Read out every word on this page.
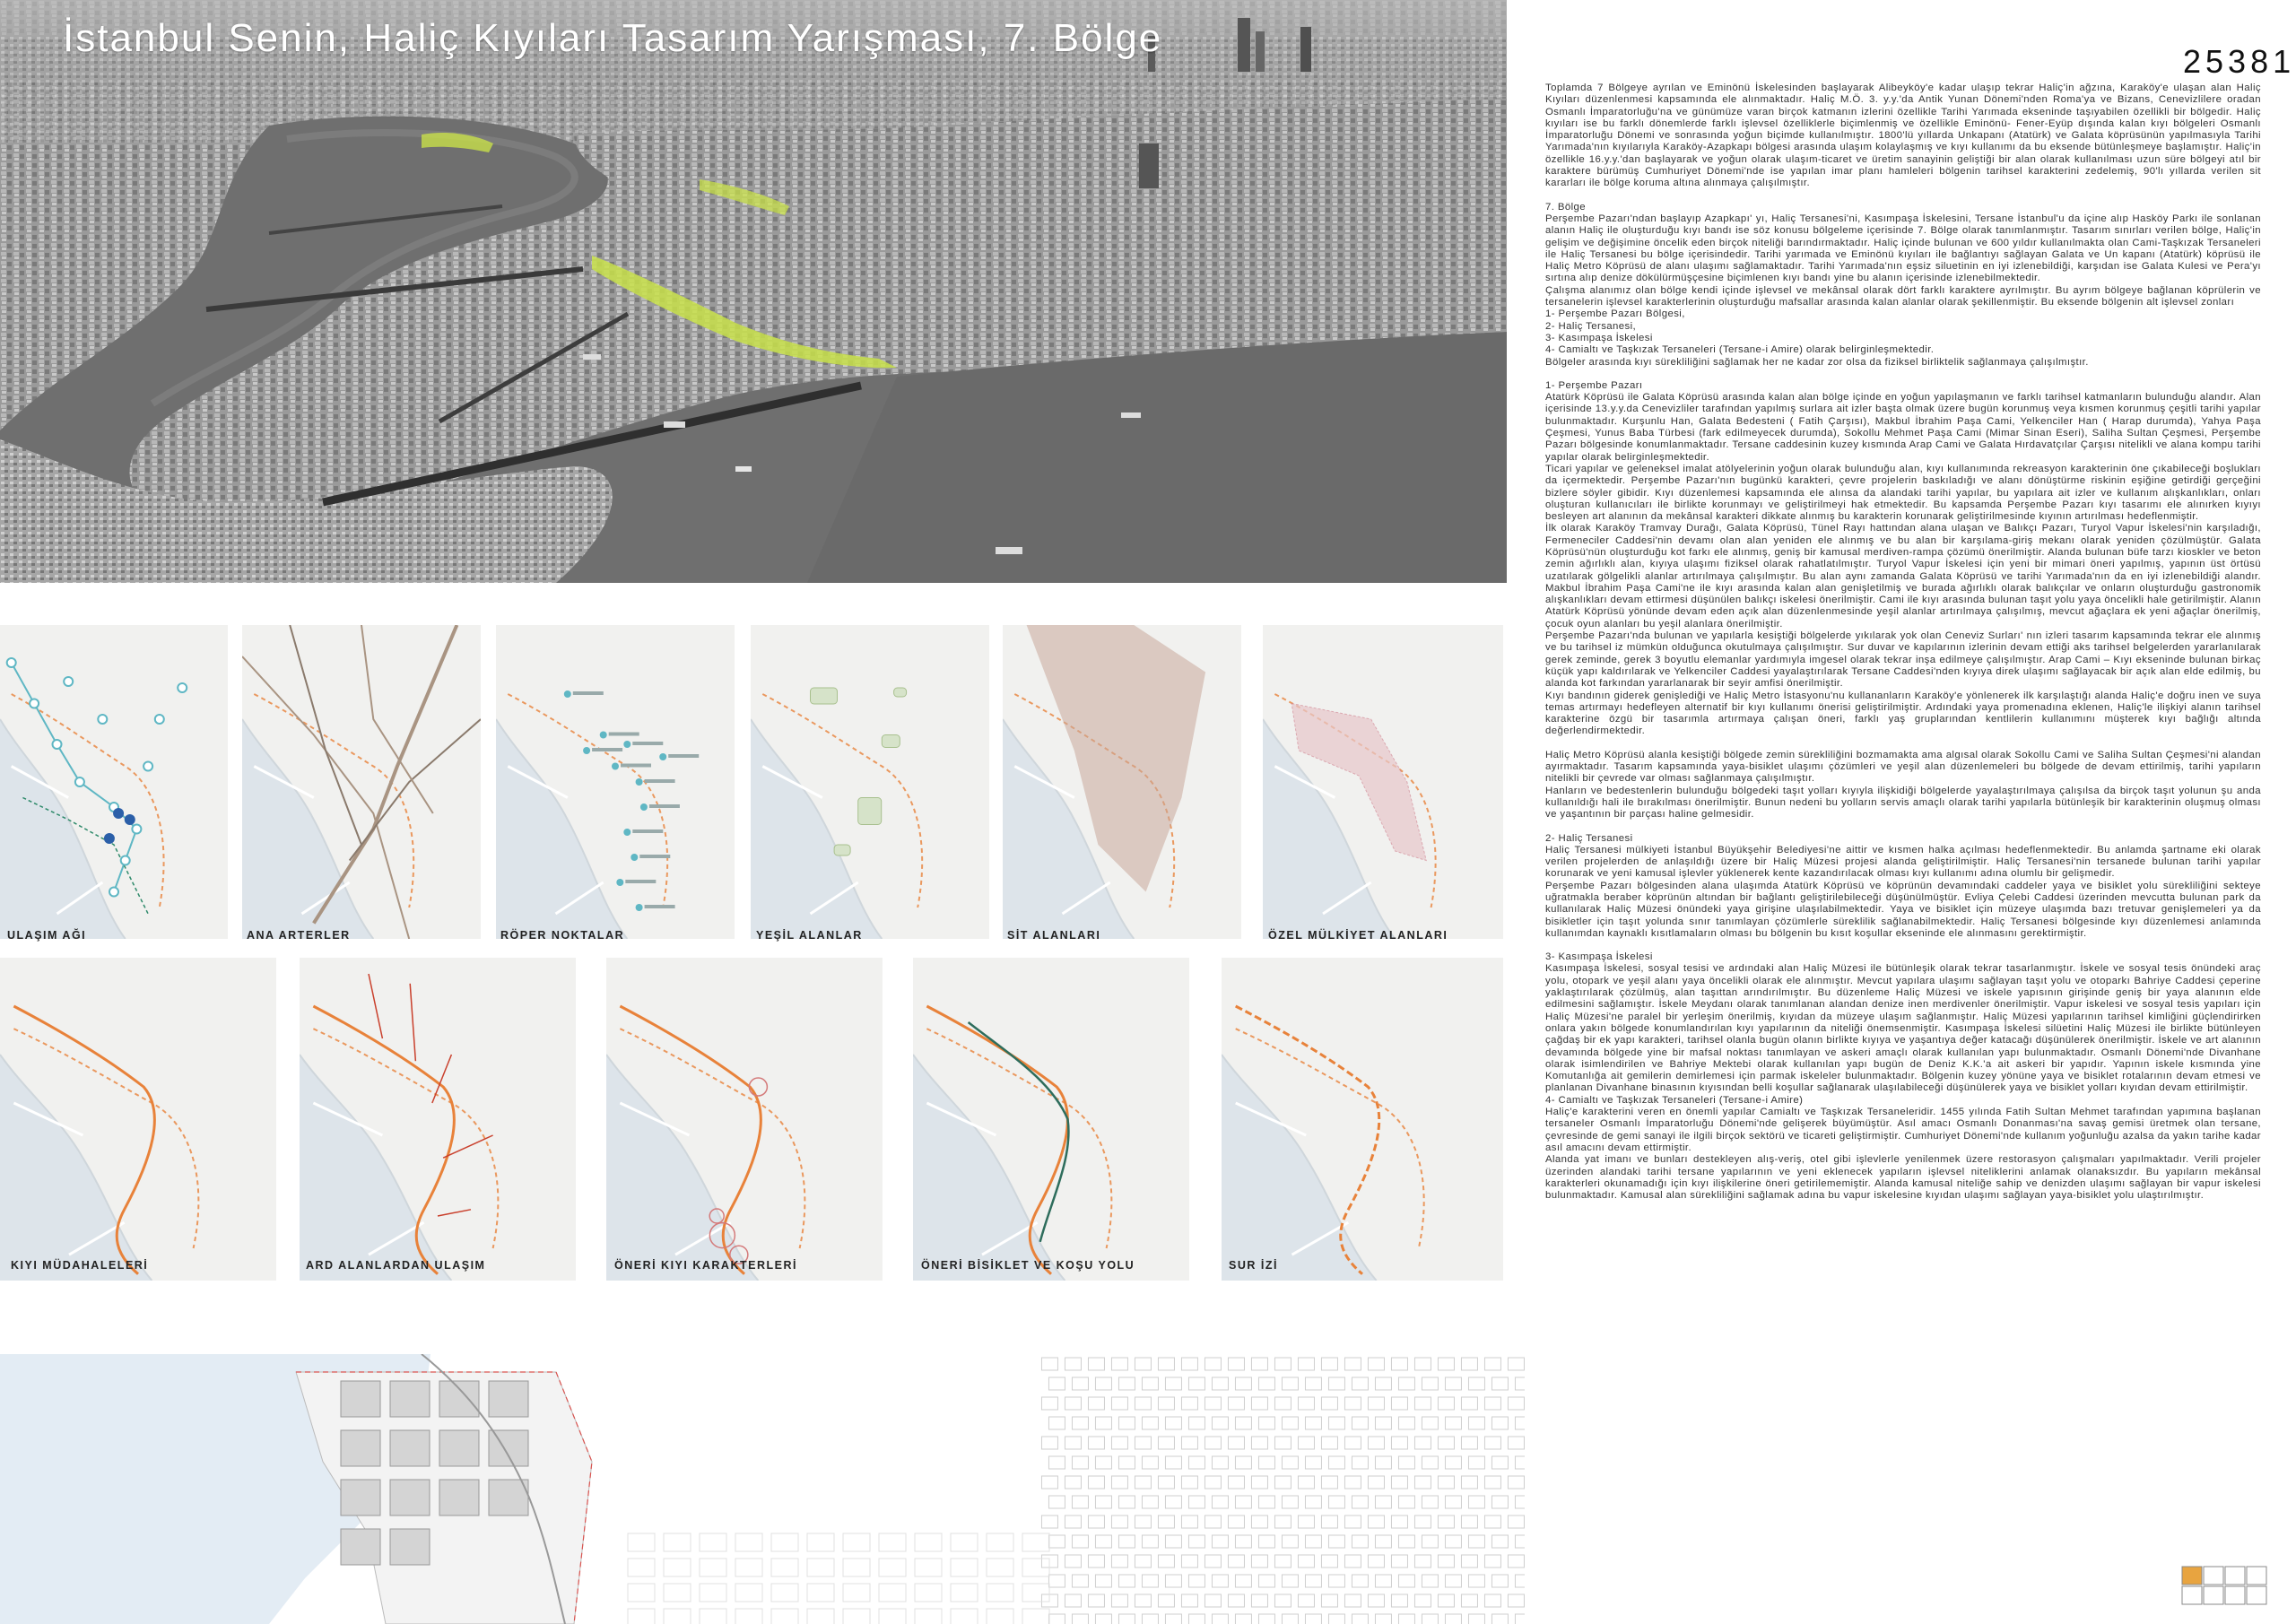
İstanbul Senin, Haliç Kıyıları Tasarım Yarışması, 7. Bölge
25381
ULAŞIM AĞI	ANA ARTERLER	RÖPER NOKTALAR	YEŞİL ALANLAR	SİT ALANLARI	ÖZEL MÜLKİYET ALANLARI
KIYI MÜDAHALELERİ	ARD ALANLARDAN ULAŞIM	ÖNERİ KIYI KARAKTERLERİ	ÖNERİ BİSİKLET VE KOŞU YOLU	SUR İZİ

Toplamda 7 Bölgeye ayrılan ve Eminönü İskelesinden başlayarak Alibeyköy'e kadar ulaşıp tekrar Haliç'in ağzına, Karaköy'e ulaşan alan Haliç Kıyıları düzenlenmesi kapsamında ele alınmaktadır. Haliç M.Ö. 3. y.y.'da Antik Yunan Dönemi'nden Roma'ya ve Bizans, Cenevizlilere oradan Osmanlı İmparatorluğu'na ve günümüze varan birçok katmanın izlerini özellikle Tarihi Yarımada ekseninde taşıyabilen özellikli bir bölgedir. Haliç kıyıları ise bu farklı dönemlerde farklı işlevsel özelliklerle biçimlenmiş ve özellikle Eminönü- Fener-Eyüp dışında kalan kıyı bölgeleri Osmanlı İmparatorluğu Dönemi ve sonrasında yoğun biçimde kullanılmıştır. 1800'lü yıllarda Unkapanı (Atatürk) ve Galata köprüsünün yapılmasıyla Tarihi Yarımada'nın kıyılarıyla Karaköy-Azapkapı bölgesi arasında ulaşım kolaylaşmış ve kıyı kullanımı da bu eksende bütünleşmeye başlamıştır. Haliç'in özellikle 16.y.y.'dan başlayarak ve yoğun olarak ulaşım-ticaret ve üretim sanayinin geliştiği bir alan olarak kullanılması uzun süre bölgeyi atıl bir karaktere bürümüş Cumhuriyet Dönemi'nde ise yapılan imar planı hamleleri bölgenin tarihsel karakterini zedelemiş, 90'lı yıllarda verilen sit kararları ile bölge koruma altına alınmaya çalışılmıştır.

7. Bölge

Perşembe Pazarı'ndan başlayıp Azapkapı' yı, Haliç Tersanesi'ni, Kasımpaşa İskelesini, Tersane İstanbul'u da içine alıp Hasköy Parkı ile sonlanan alanın Haliç ile oluşturduğu kıyı bandı ise söz konusu bölgeleme içerisinde 7. Bölge olarak tanımlanmıştır. Tasarım sınırları verilen bölge, Haliç'in gelişim ve değişimine öncelik eden birçok niteliği barındırmaktadır. Haliç içinde bulunan ve 600 yıldır kullanılmakta olan Cami-Taşkızak Tersaneleri ile Haliç Tersanesi bu bölge içerisindedir. Tarihi yarımada ve Eminönü kıyıları ile bağlantıyı sağlayan Galata ve Un kapanı (Atatürk) köprüsü ile Haliç Metro Köprüsü de alanı ulaşımı sağlamaktadır. Tarihi Yarımada'nın eşsiz siluetinin en iyi izlenebildiği, karşıdan ise Galata Kulesi ve Pera'yı sırtına alıp denize dökülürmüşçesine biçimlenen kıyı bandı yine bu alanın içerisinde izlenebilmektedir.

Çalışma alanımız olan bölge kendi içinde işlevsel ve mekânsal olarak dört farklı karaktere ayrılmıştır. Bu ayrım bölgeye bağlanan köprülerin ve tersanelerin işlevsel karakterlerinin oluşturduğu mafsallar arasında kalan alanlar olarak şekillenmiştir. Bu eksende bölgenin alt işlevsel zonları

1- Perşembe Pazarı Bölgesi,
2- Haliç Tersanesi,
3- Kasımpaşa İskelesi
4- Camialtı ve Taşkızak Tersaneleri (Tersane-i Amire) olarak belirginleşmektedir.

Bölgeler arasında kıyı sürekliliğini sağlamak her ne kadar zor olsa da fiziksel birliktelik sağlanmaya çalışılmıştır.

1- Perşembe Pazarı

Atatürk Köprüsü ile Galata Köprüsü arasında kalan alan bölge içinde en yoğun yapılaşmanın ve farklı tarihsel katmanların bulunduğu alandır. Alan içerisinde 13.y.y.da Cenevizliler tarafından yapılmış surlara ait izler başta olmak üzere bugün korunmuş veya kısmen korunmuş çeşitli tarihi yapılar bulunmaktadır. Kurşunlu Han, Galata Bedesteni ( Fatih Çarşısı), Makbul İbrahim Paşa Cami, Yelkenciler Han ( Harap durumda), Yahya Paşa Çeşmesi, Yunus Baba Türbesi (fark edilmeyecek durumda), Sokollu Mehmet Paşa Cami (Mimar Sinan Eseri), Saliha Sultan Çeşmesi, Perşembe Pazarı bölgesinde konumlanmaktadır. Tersane caddesinin kuzey kısmında Arap Cami ve Galata Hırdavatçılar Çarşısı nitelikli ve alana kompu tarihi yapılar olarak belirginleşmektedir.

Ticari yapılar ve geleneksel imalat atölyelerinin yoğun olarak bulunduğu alan, kıyı kullanımında rekreasyon karakterinin öne çıkabileceği boşlukları da içermektedir. Perşembe Pazarı'nın bugünkü karakteri, çevre projelerin baskıladığı ve alanı dönüştürme riskinin eşiğine getirdiği gerçeğini bizlere söyler gibidir. Kıyı düzenlemesi kapsamında ele alınsa da alandaki tarihi yapılar, bu yapılara ait izler ve kullanım alışkanlıkları, onları oluşturan kullanıcıları ile birlikte korunmayı ve geliştirilmeyi hak etmektedir. Bu kapsamda Perşembe Pazarı kıyı tasarımı ele alınırken kıyıyı besleyen art alanının da mekânsal karakteri dikkate alınmış bu karakterin korunarak geliştirilmesinde kıyının artırılması hedeflenmiştir.

İlk olarak Karaköy Tramvay Durağı, Galata Köprüsü, Tünel Rayı hattından alana ulaşan ve Balıkçı Pazarı, Turyol Vapur İskelesi'nin karşıladığı, Fermeneciler Caddesi'nin devamı olan alan yeniden ele alınmış ve bu alan bir karşılama-giriş mekanı olarak yeniden çözülmüştür. Galata Köprüsü'nün oluşturduğu kot farkı ele alınmış, geniş bir kamusal merdiven-rampa çözümü önerilmiştir. Alanda bulunan büfe tarzı kioskler ve beton zemin ağırlıklı alan, kıyıya ulaşımı fiziksel olarak rahatlatılmıştır. Turyol Vapur İskelesi için yeni bir mimari öneri yapılmış, yapının üst örtüsü uzatılarak gölgelikli alanlar artırılmaya çalışılmıştır. Bu alan aynı zamanda Galata Köprüsü ve tarihi Yarımada'nın da en iyi izlenebildiği alandır. Makbul İbrahim Paşa Cami'ne ile kıyı arasında kalan alan genişletilmiş ve burada ağırlıklı olarak balıkçılar ve onların oluşturduğu gastronomik alışkanlıkları devam ettirmesi düşünülen balıkçı iskelesi önerilmiştir. Cami ile kıyı arasında bulunan taşıt yolu yaya öncelikli hale getirilmiştir. Alanın Atatürk Köprüsü yönünde devam eden açık alan düzenlenmesinde yeşil alanlar artırılmaya çalışılmış, mevcut ağaçlara ek yeni ağaçlar önerilmiş, çocuk oyun alanları bu yeşil alanlara önerilmiştir.

Perşembe Pazarı'nda bulunan ve yapılarla kesiştiği bölgelerde yıkılarak yok olan Ceneviz Surları' nın izleri tasarım kapsamında tekrar ele alınmış ve bu tarihsel iz mümkün olduğunca okutulmaya çalışılmıştır. Sur duvar ve kapılarının izlerinin devam ettiği aks tarihsel belgelerden yararlanılarak gerek zeminde, gerek 3 boyutlu elemanlar yardımıyla imgesel olarak tekrar inşa edilmeye çalışılmıştır. Arap Cami – Kıyı ekseninde bulunan birkaç küçük yapı kaldırılarak ve Yelkenciler Caddesi yayalaştırılarak Tersane Caddesi'nden kıyıya direk ulaşımı sağlayacak bir açık alan elde edilmiş, bu alanda kot farkından yararlanarak bir seyir amfisi önerilmiştir.

Kıyı bandının giderek genişlediği ve Haliç Metro İstasyonu'nu kullananların Karaköy'e yönlenerek ilk karşılaştığı alanda Haliç'e doğru inen ve suya temas artırmayı hedefleyen alternatif bir kıyı kullanımı önerisi geliştirilmiştir. Ardındaki yaya promenadına eklenen, Haliç'le ilişkiyi alanın tarihsel karakterine özgü bir tasarımla artırmaya çalışan öneri, farklı yaş gruplarından kentlilerin kullanımını müşterek kıyı bağlığı altında değerlendirmektedir.

Haliç Metro Köprüsü alanla kesiştiği bölgede zemin sürekliliğini bozmamakta ama algısal olarak Sokollu Cami ve Saliha Sultan Çeşmesi'ni alandan ayırmaktadır. Tasarım kapsamında yaya-bisiklet ulaşımı çözümleri ve yeşil alan düzenlemeleri bu bölgede de devam ettirilmiş, tarihi yapıların nitelikli bir çevrede var olması sağlanmaya çalışılmıştır.

Hanların ve bedestenlerin bulunduğu bölgedeki taşıt yolları kıyıyla ilişkidiği bölgelerde yayalaştırılmaya çalışılsa da birçok taşıt yolunun şu anda kullanıldığı hali ile bırakılması önerilmiştir. Bunun nedeni bu yolların servis amaçlı olarak tarihi yapılarla bütünleşik bir karakterinin oluşmuş olması ve yaşantının bir parçası haline gelmesidir.

2- Haliç Tersanesi

Haliç Tersanesi mülkiyeti İstanbul Büyükşehir Belediyesi'ne aittir ve kısmen halka açılması hedeflenmektedir. Bu anlamda şartname eki olarak verilen projelerden de anlaşıldığı üzere bir Haliç Müzesi projesi alanda geliştirilmiştir. Haliç Tersanesi'nin tersanede bulunan tarihi yapılar korunarak ve yeni kamusal işlevler yüklenerek kente kazandırılacak olması kıyı kullanımı adına olumlu bir gelişmedir.

Perşembe Pazarı bölgesinden alana ulaşımda Atatürk Köprüsü ve köprünün devamındaki caddeler yaya ve bisiklet yolu sürekliliğini sekteye uğratmakla beraber köprünün altından bir bağlantı geliştirilebileceği düşünülmüştür. Evliya Çelebi Caddesi üzerinden mevcutta bulunan park da kullanılarak Haliç Müzesi önündeki yaya girişine ulaşılabilmektedir. Yaya ve bisiklet için müzeye ulaşımda bazı tretuvar genişlemeleri ya da bisikletler için taşıt yolunda sınır tanımlayan çözümlerle süreklilik sağlanabilmektedir. Haliç Tersanesi bölgesinde kıyı düzenlemesi anlamında kullanımdan kaynaklı kısıtlamaların olması bu bölgenin bu kısıt koşullar ekseninde ele alınmasını gerektirmiştir.

3- Kasımpaşa İskelesi

Kasımpaşa İskelesi, sosyal tesisi ve ardındaki alan Haliç Müzesi ile bütünleşik olarak tekrar tasarlanmıştır. İskele ve sosyal tesis önündeki araç yolu, otopark ve yeşil alanı yaya öncelikli olarak ele alınmıştır. Mevcut yapılara ulaşımı sağlayan taşıt yolu ve otoparkı Bahriye Caddesi çeperine yaklaştırılarak çözülmüş, alan taşıttan arındırılmıştır. Bu düzenleme Haliç Müzesi ve iskele yapısının girişinde geniş bir yaya alanının elde edilmesini sağlamıştır. İskele Meydanı olarak tanımlanan alandan denize inen merdivenler önerilmiştir. Vapur iskelesi ve sosyal tesis yapıları için Haliç Müzesi'ne paralel bir yerleşim önerilmiş, kıyıdan da müzeye ulaşım sağlanmıştır. Haliç Müzesi yapılarının tarihsel kimliğini güçlendirirken onlara yakın bölgede konumlandırılan kıyı yapılarının da niteliği önemsenmiştir. Kasımpaşa İskelesi silüetini Haliç Müzesi ile birlikte bütünleyen çağdaş bir ek yapı karakteri, tarihsel olanla bugün olanın birlikte kıyıya ve yaşantıya değer katacağı düşünülerek önerilmiştir. İskele ve art alanının devamında bölgede yine bir mafsal noktası tanımlayan ve askeri amaçlı olarak kullanılan yapı bulunmaktadır. Osmanlı Dönemi'nde Divanhane olarak isimlendirilen ve Bahriye Mektebi olarak kullanılan yapı bugün de Deniz K.K.'a ait askeri bir yapıdır. Yapının iskele kısmında yine Komutanlığa ait gemilerin demirlemesi için parmak iskeleler bulunmaktadır. Bölgenin kuzey yönüne yaya ve bisiklet rotalarının devam etmesi ve planlanan Divanhane binasının kıyısından belli koşullar sağlanarak ulaşılabileceği düşünülerek yaya ve bisiklet yolları kıyıdan devam ettirilmiştir.

4- Camialtı ve Taşkızak Tersaneleri (Tersane-i Amire)

Haliç'e karakterini veren en önemli yapılar Camialtı ve Taşkızak Tersaneleridir. 1455 yılında Fatih Sultan Mehmet tarafından yapımına başlanan tersaneler Osmanlı İmparatorluğu Dönemi'nde gelişerek büyümüştür. Asıl amacı Osmanlı Donanması'na savaş gemisi üretmek olan tersane, çevresinde de gemi sanayi ile ilgili birçok sektörü ve ticareti geliştirmiştir. Cumhuriyet Dönemi'nde kullanım yoğunluğu azalsa da yakın tarihe kadar asıl amacını devam ettirmiştir.

Alanda yat imanı ve bunları destekleyen alış-veriş, otel gibi işlevlerle yenilenmek üzere restorasyon çalışmaları yapılmaktadır. Verili projeler üzerinden alandaki tarihi tersane yapılarının ve yeni eklenecek yapıların işlevsel niteliklerini anlamak olanaksızdır. Bu yapıların mekânsal karakterleri okunamadığı için kıyı ilişkilerine öneri getirilememiştir. Alanda kamusal niteliğe sahip ve denizden ulaşımı sağlayan bir vapur iskelesi bulunmaktadır. Kamusal alan sürekliliğini sağlamak adına bu vapur iskelesine kıyıdan ulaşımı sağlayan yaya-bisiklet yolu ulaştırılmıştır.
